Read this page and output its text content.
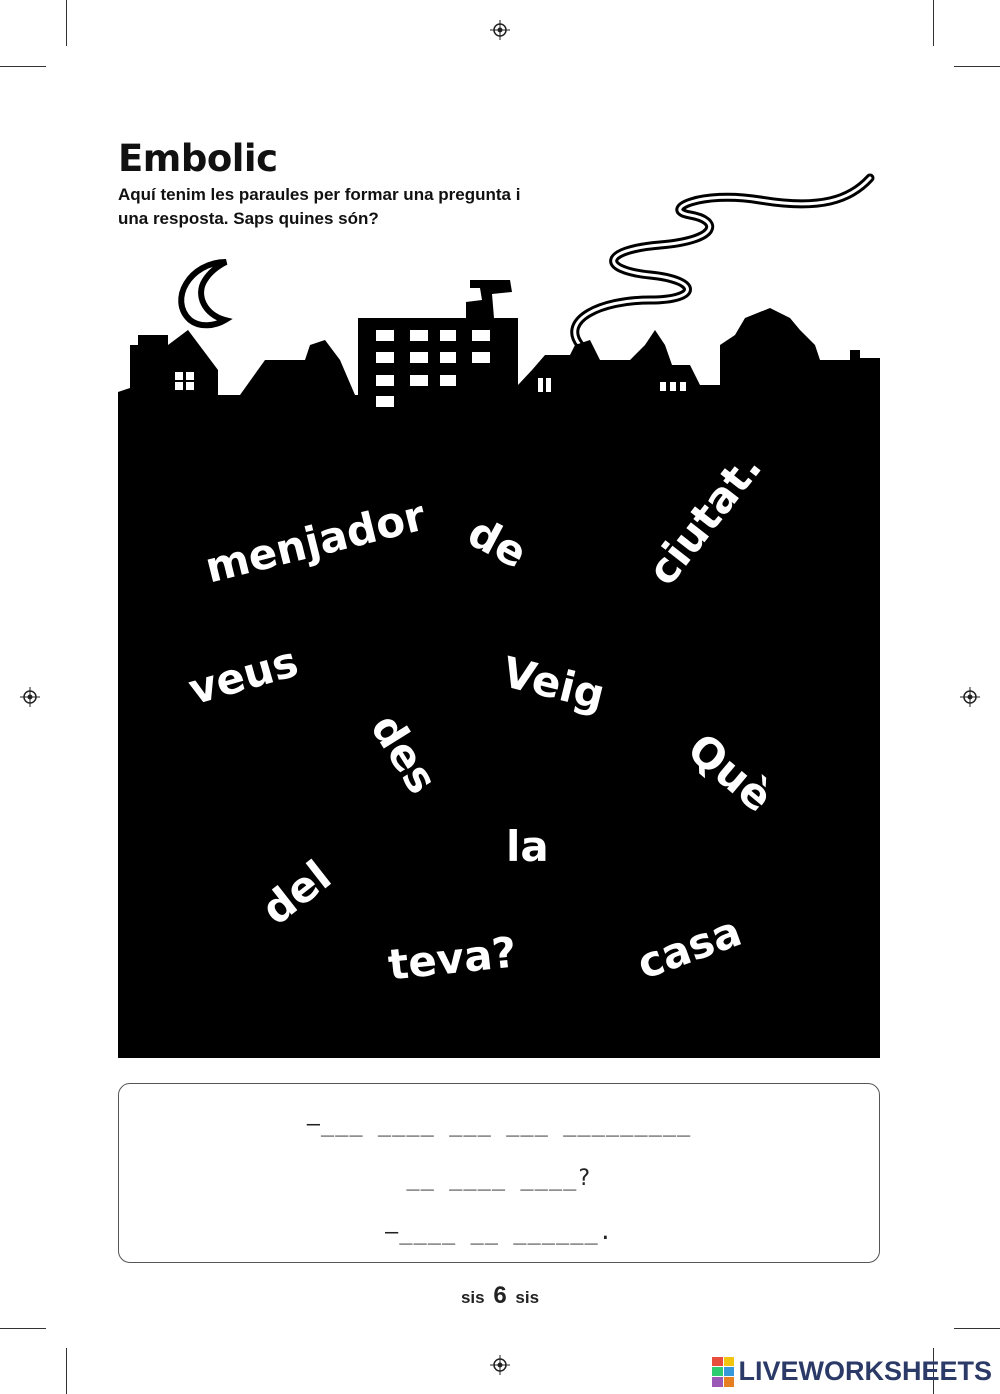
Embolic

Aquí tenim les paraules per formar una pregunta i una resposta. Saps quines són?

menjador de ciutat.
veus	Veig
des	Què
la
del
teva?	casa
–___ ____ ___ ___ _________
__ ____ ____?
–____ __ ______.
sis 6 sis
LIVEWORKSHEETS
